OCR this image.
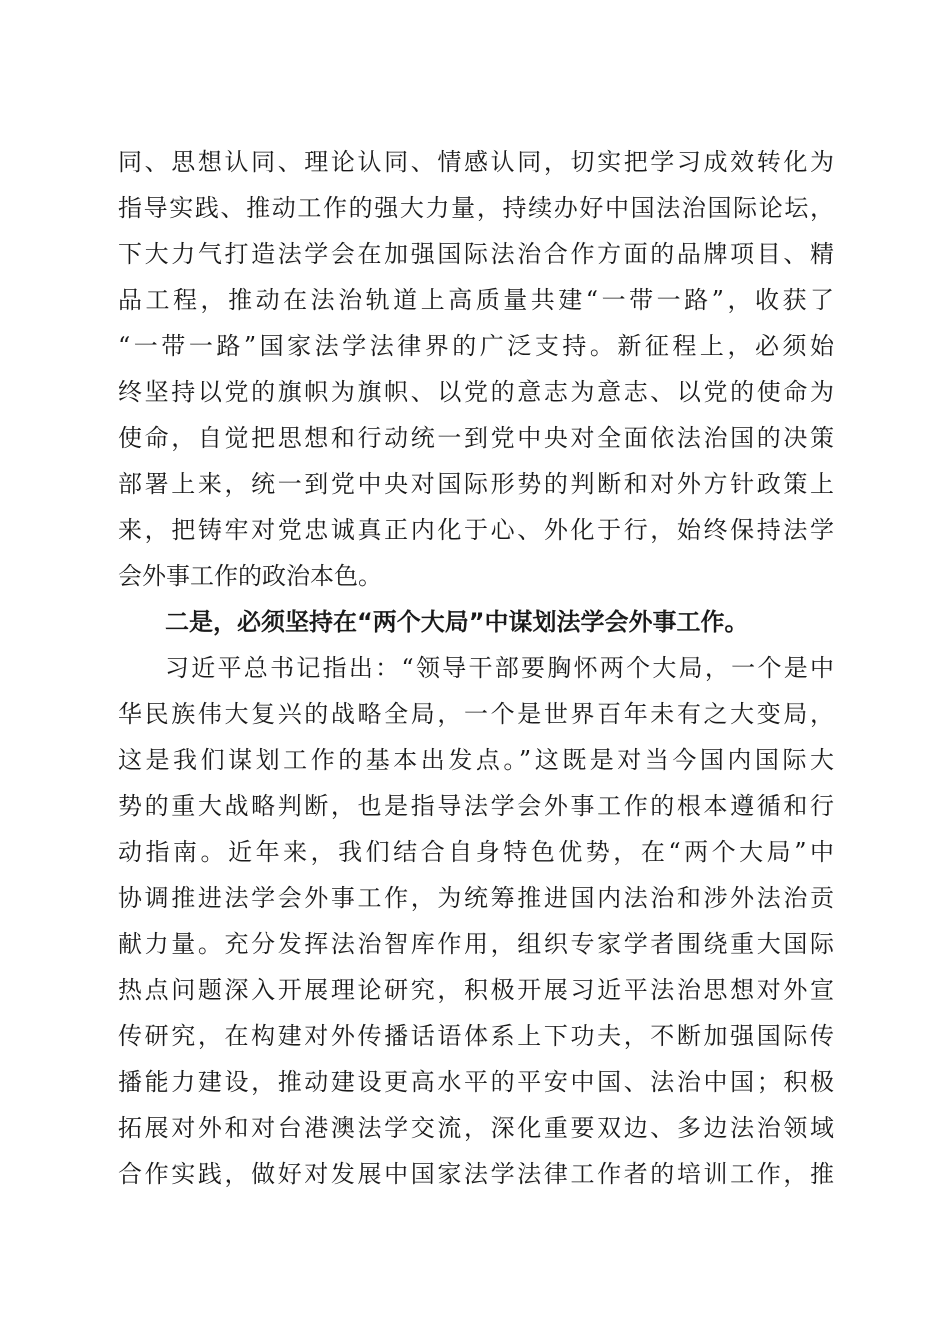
同、思想认同、理论认同、情感认同，切实把学习成效转化为
指导实践、推动工作的强大力量，持续办好中国法治国际论坛，
下大力气打造法学会在加强国际法治合作方面的品牌项目、精
品工程，推动在法治轨道上高质量共建“一带一路”，收获了
“一带一路”国家法学法律界的广泛支持。新征程上，必须始
终坚持以党的旗帜为旗帜、以党的意志为意志、以党的使命为
使命，自觉把思想和行动统一到党中央对全面依法治国的决策
部署上来，统一到党中央对国际形势的判断和对外方针政策上
来，把铸牢对党忠诚真正内化于心、外化于行，始终保持法学
会外事工作的政治本色。
二是，必须坚持在“两个大局”中谋划法学会外事工作。
习近平总书记指出：“领导干部要胸怀两个大局，一个是中
华民族伟大复兴的战略全局，一个是世界百年未有之大变局，
这是我们谋划工作的基本出发点。”这既是对当今国内国际大
势的重大战略判断，也是指导法学会外事工作的根本遵循和行
动指南。近年来，我们结合自身特色优势，在“两个大局”中
协调推进法学会外事工作，为统筹推进国内法治和涉外法治贡
献力量。充分发挥法治智库作用，组织专家学者围绕重大国际
热点问题深入开展理论研究，积极开展习近平法治思想对外宣
传研究，在构建对外传播话语体系上下功夫，不断加强国际传
播能力建设，推动建设更高水平的平安中国、法治中国；积极
拓展对外和对台港澳法学交流，深化重要双边、多边法治领域
合作实践，做好对发展中国家法学法律工作者的培训工作，推
